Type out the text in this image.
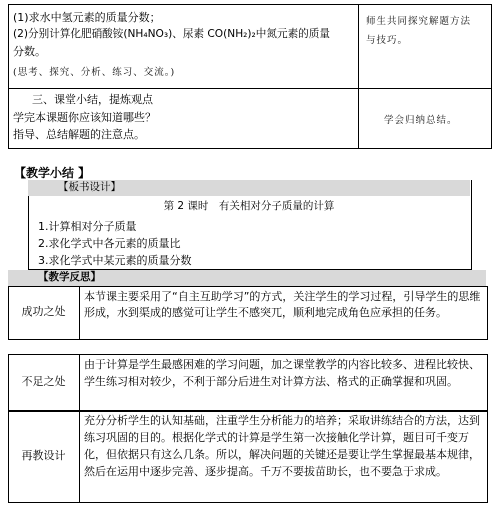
(1)求水中氢元素的质量分数；
(2)分别计算化肥硝酸铵(NH₄NO₃)、尿素 CO(NH₂)₂中氮元素的质量
分数。
(思考、探究、分析、练习、交流。)
师生共同探究解题方法与技巧。
三、课堂小结，提炼观点
学完本课题你应该知道哪些？
指导、总结解题的注意点。
学会归纳总结。
【教学小结 】
【板书设计】
第 2 课时　有关相对分子质量的计算
1.计算相对分子质量
2.求化学式中各元素的质量比
3.求化学式中某元素的质量分数
【教学反思】
成功之处
本节课主要采用了“自主互助学习”的方式，关注学生的学习过程，引导学生的思维形成，水到渠成的感觉可让学生不感突兀，顺利地完成角色应承担的任务。
不足之处
由于计算是学生最感困难的学习问题，加之课堂教学的内容比较多、进程比较快、学生练习相对较少，不利于部分后进生对计算方法、格式的正确掌握和巩固。
再教设计
充分分析学生的认知基础，注重学生分析能力的培养；采取讲练结合的方法，达到练习巩固的目的。根据化学式的计算是学生第一次接触化学计算，题目可千变万化，但依据只有这么几条。所以，解决问题的关键还是要让学生掌握最基本规律，然后在运用中逐步完善、逐步提高。千万不要拔苗助长，也不要急于求成。
